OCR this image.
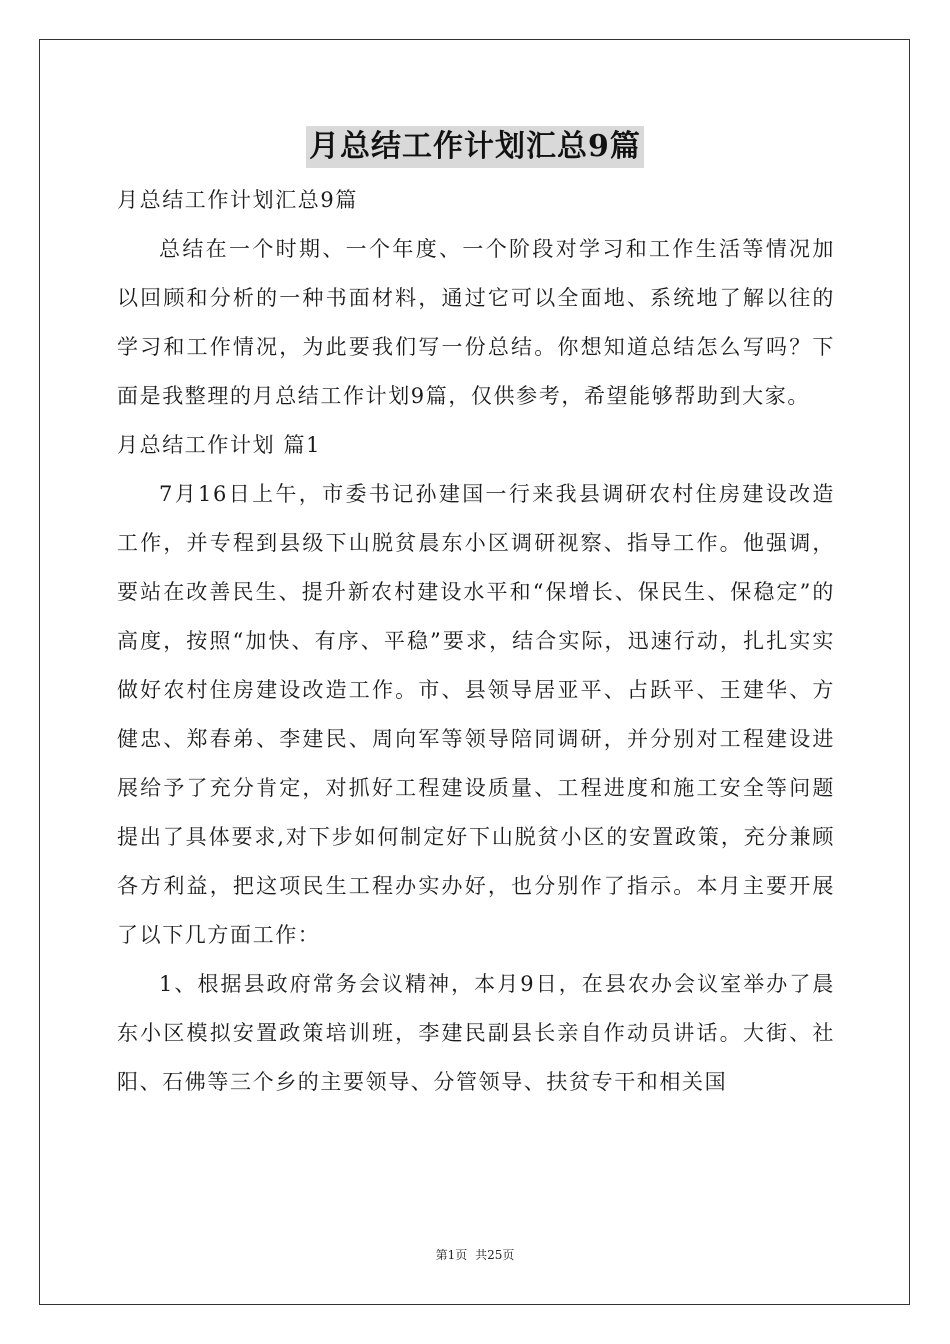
月总结工作计划汇总9篇

月总结工作计划汇总9篇

总结在一个时期、一个年度、一个阶段对学习和工作生活等情况加以回顾和分析的一种书面材料，通过它可以全面地、系统地了解以往的学习和工作情况，为此要我们写一份总结。你想知道总结怎么写吗？下面是我整理的月总结工作计划9篇，仅供参考，希望能够帮助到大家。

月总结工作计划 篇1

7月16日上午，市委书记孙建国一行来我县调研农村住房建设改造工作，并专程到县级下山脱贫晨东小区调研视察、指导工作。他强调，要站在改善民生、提升新农村建设水平和“保增长、保民生、保稳定”的高度，按照“加快、有序、平稳”要求，结合实际，迅速行动，扎扎实实做好农村住房建设改造工作。市、县领导居亚平、占跃平、王建华、方健忠、郑春弟、李建民、周向军等领导陪同调研，并分别对工程建设进展给予了充分肯定，对抓好工程建设质量、工程进度和施工安全等问题提出了具体要求,对下步如何制定好下山脱贫小区的安置政策，充分兼顾各方利益，把这项民生工程办实办好，也分别作了指示。本月主要开展了以下几方面工作：

1、根据县政府常务会议精神，本月9日，在县农办会议室举办了晨东小区模拟安置政策培训班，李建民副县长亲自作动员讲话。大街、社阳、石佛等三个乡的主要领导、分管领导、扶贫专干和相关国

第1页 共25页
